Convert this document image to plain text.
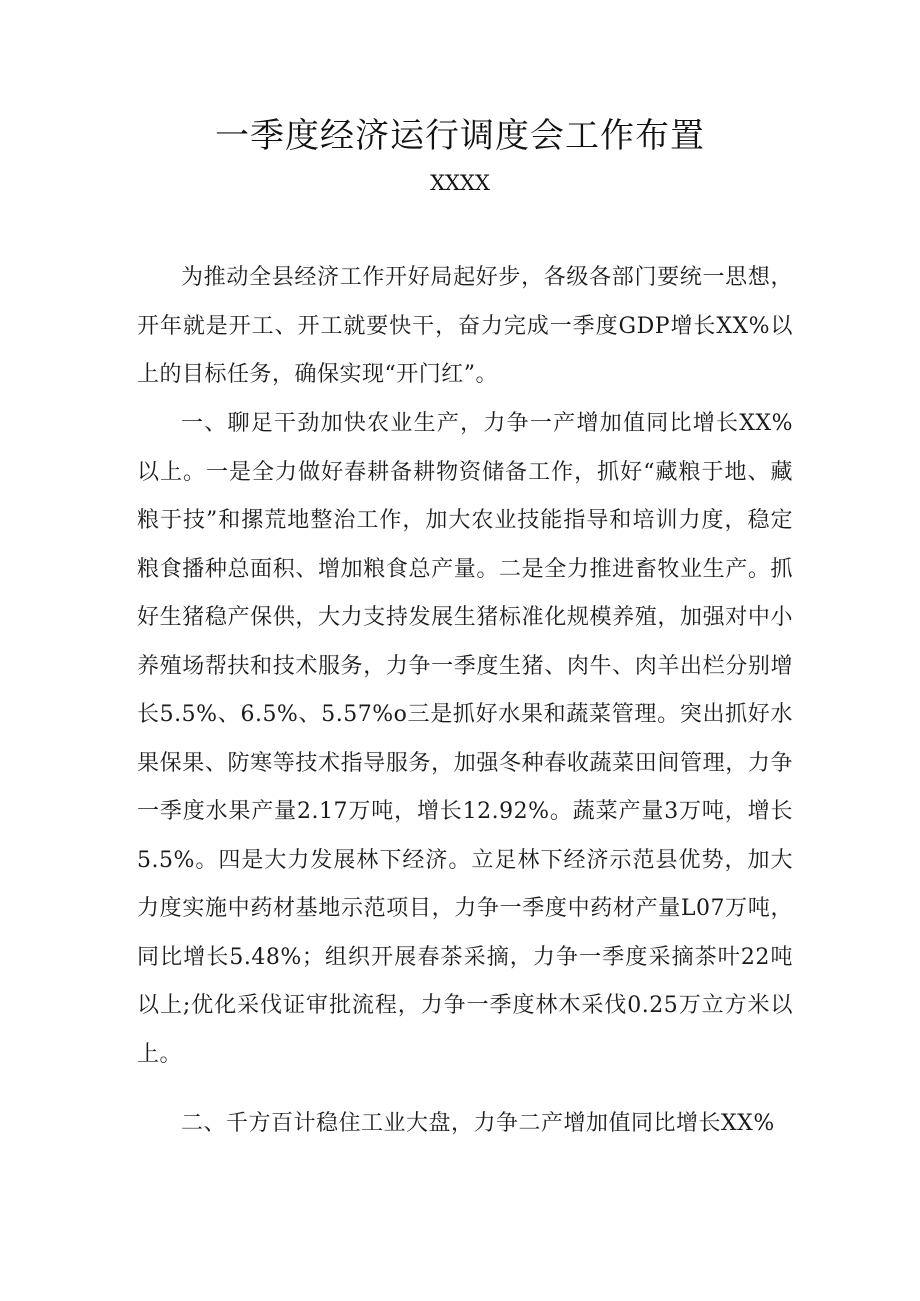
一季度经济运行调度会工作布置
XXXX

为推动全县经济工作开好局起好步，各级各部门要统一思想，开年就是开工、开工就要快干，奋力完成一季度GDP增长XX%以上的目标任务，确保实现“开门红”。

一、聊足干劲加快农业生产，力争一产增加值同比增长XX%以上。一是全力做好春耕备耕物资储备工作，抓好“藏粮于地、藏粮于技”和摞荒地整治工作，加大农业技能指导和培训力度，稳定粮食播种总面积、增加粮食总产量。二是全力推进畜牧业生产。抓好生猪稳产保供，大力支持发展生猪标准化规模养殖，加强对中小养殖场帮扶和技术服务，力争一季度生猪、肉牛、肉羊出栏分别增长5.5%、6.5%、5.57%o三是抓好水果和蔬菜管理。突出抓好水果保果、防寒等技术指导服务，加强冬种春收蔬菜田间管理，力争一季度水果产量2.17万吨，增长12.92%。蔬菜产量3万吨，增长5.5%。四是大力发展林下经济。立足林下经济示范县优势，加大力度实施中药材基地示范项目，力争一季度中药材产量L07万吨，同比增长5.48%；组织开展春茶采摘，力争一季度采摘茶叶22吨以上;优化采伐证审批流程，力争一季度林木采伐0.25万立方米以上。

二、千方百计稳住工业大盘，力争二产增加值同比增长XX%
